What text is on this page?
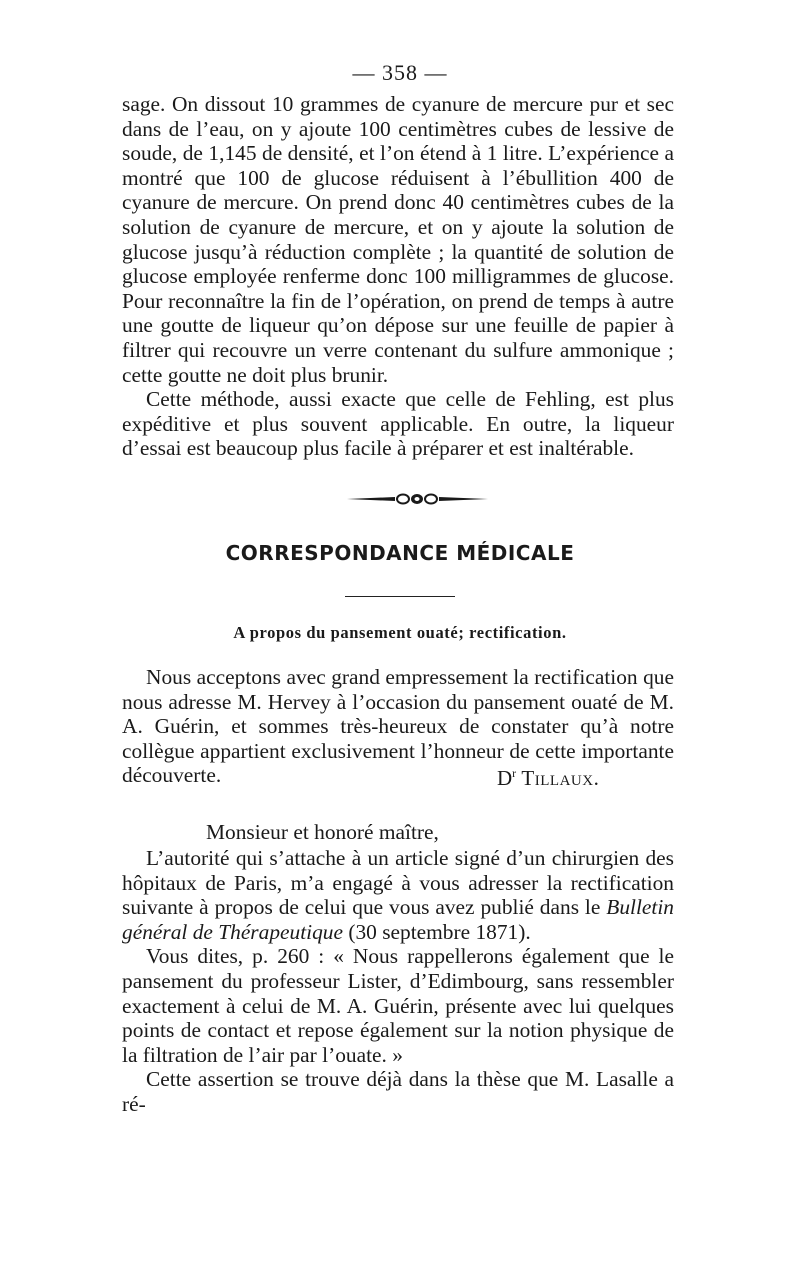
— 358 —

sage. On dissout 10 grammes de cyanure de mercure pur et sec dans de l’eau, on y ajoute 100 centimètres cubes de lessive de soude, de 1,145 de densité, et l’on étend à 1 litre. L’expérience a montré que 100 de glucose réduisent à l’ébullition 400 de cyanure de mercure. On prend donc 40 centimètres cubes de la solution de cyanure de mercure, et on y ajoute la solution de glucose jusqu’à réduction complète ; la quantité de solution de glucose employée renferme donc 100 milligrammes de glucose. Pour reconnaître la fin de l’opération, on prend de temps à autre une goutte de liqueur qu’on dépose sur une feuille de papier à filtrer qui recouvre un verre contenant du sulfure ammonique ; cette goutte ne doit plus brunir.

Cette méthode, aussi exacte que celle de Fehling, est plus expéditive et plus souvent applicable. En outre, la liqueur d’essai est beaucoup plus facile à préparer et est inaltérable.

CORRESPONDANCE MÉDICALE
A propos du pansement ouaté; rectification.

Nous acceptons avec grand empressement la rectification que nous adresse M. Hervey à l’occasion du pansement ouaté de M. A. Guérin, et sommes très-heureux de constater qu’à notre collègue appartient exclusivement l’honneur de cette importante découverte.	$D^r$ Tillaux.
Monsieur et honoré maître,

L’autorité qui s’attache à un article signé d’un chirurgien des hôpitaux de Paris, m’a engagé à vous adresser la rectification suivante à propos de celui que vous avez publié dans le Bulletin général de Thérapeutique (30 septembre 1871).

Vous dites, p. 260 : « Nous rappellerons également que le pansement du professeur Lister, d’Edimbourg, sans ressembler exactement à celui de M. A. Guérin, présente avec lui quelques points de contact et repose également sur la notion physique de la filtration de l’air par l’ouate. »

Cette assertion se trouve déjà dans la thèse que M. Lasalle a ré-
